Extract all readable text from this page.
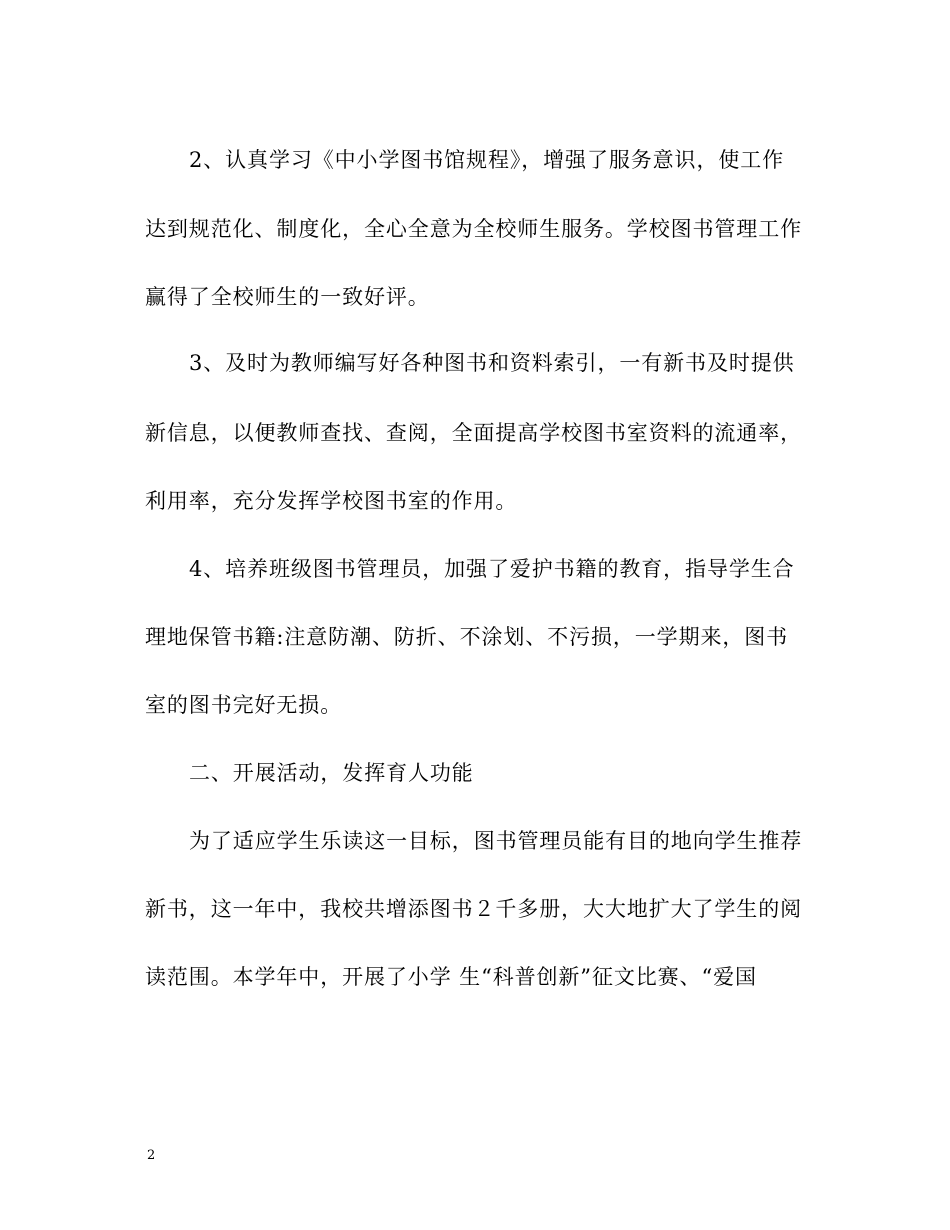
2、认真学习《中小学图书馆规程》，增强了服务意识，使工作
达到规范化、制度化，全心全意为全校师生服务。学校图书管理工作
赢得了全校师生的一致好评。
3、及时为教师编写好各种图书和资料索引，一有新书及时提供
新信息，以便教师查找、查阅，全面提高学校图书室资料的流通率，
利用率，充分发挥学校图书室的作用。
4、培养班级图书管理员，加强了爱护书籍的教育，指导学生合
理地保管书籍:注意防潮、防折、不涂划、不污损，一学期来，图书
室的图书完好无损。
二、开展活动，发挥育人功能
为了适应学生乐读这一目标，图书管理员能有目的地向学生推荐
新书，这一年中，我校共增添图书２千多册，大大地扩大了学生的阅
读范围。本学年中，开展了小学 生“科普创新”征文比赛、“爱国
2
